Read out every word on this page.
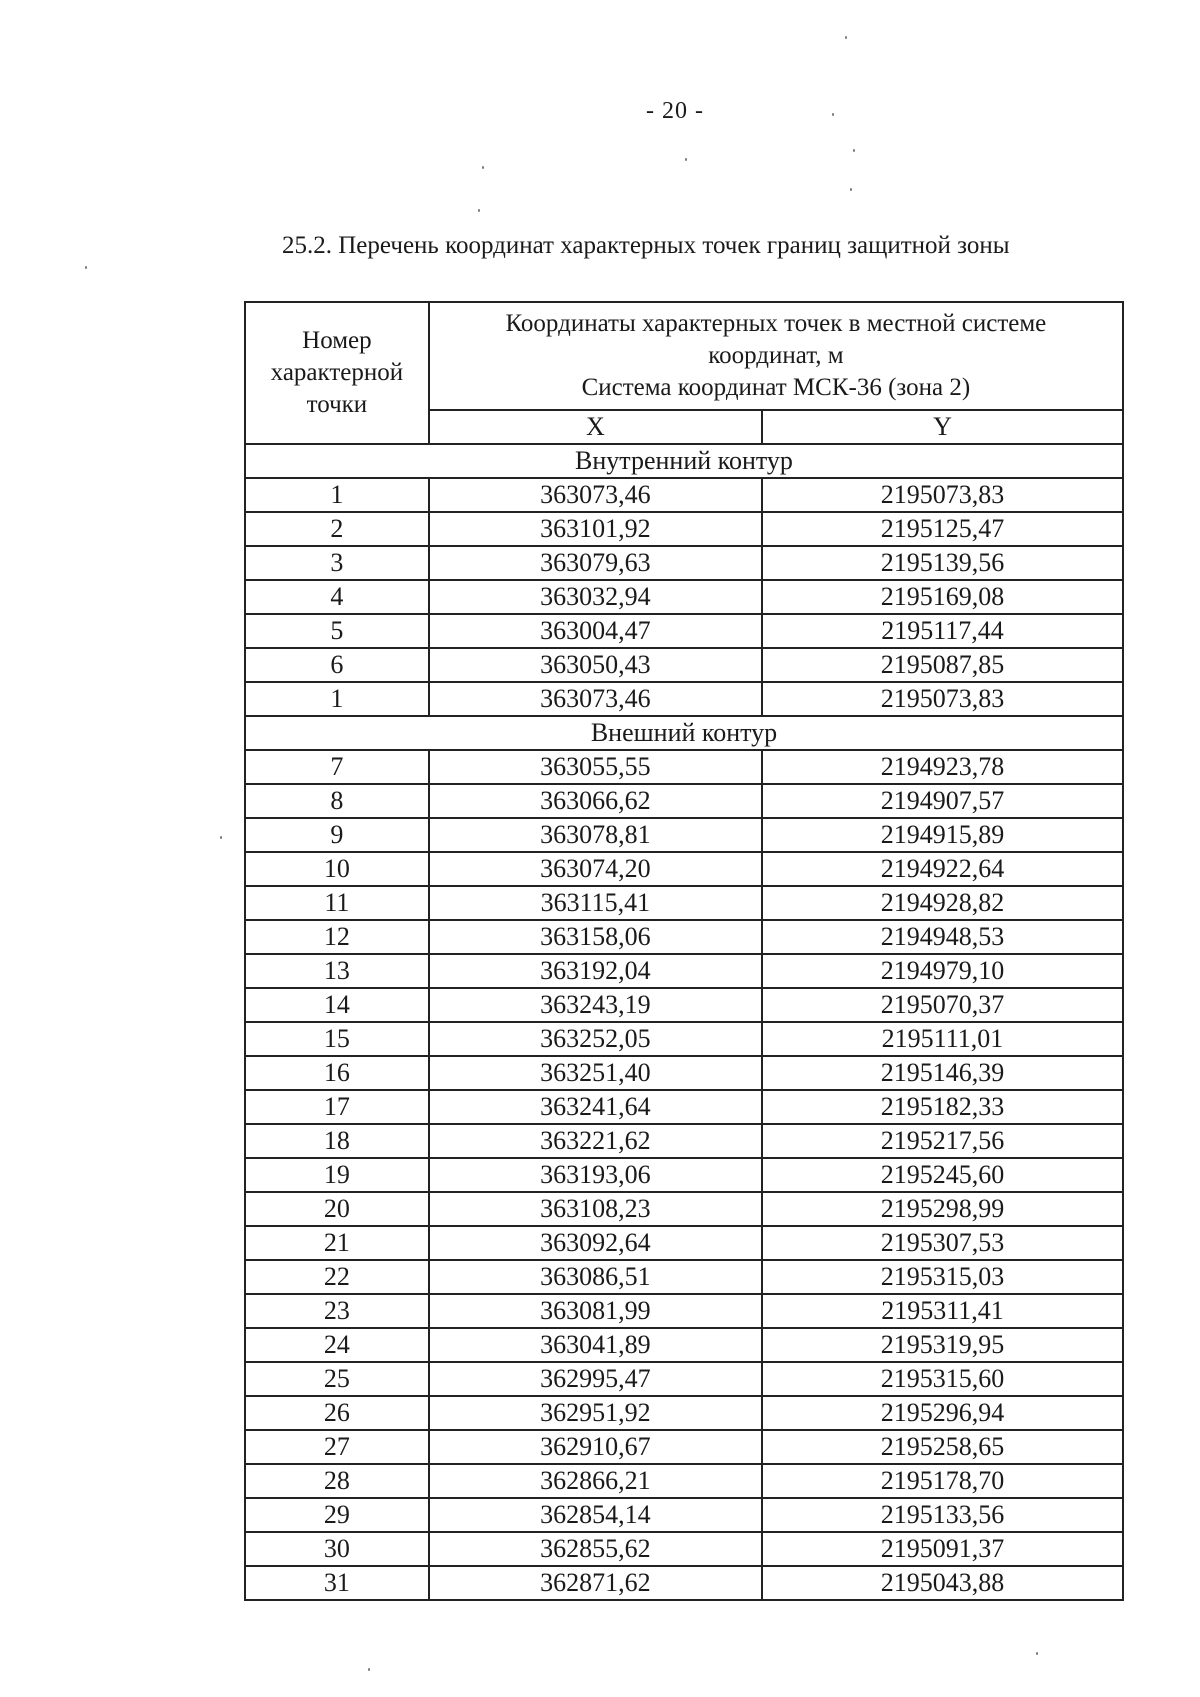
- 20 -
25.2. Перечень координат характерных точек границ защитной зоны
Номер характерной точки	Координаты характерных точек в местной системе
координат, м
Система координат МСК-36 (зона 2)	

	X	Y
Внутренний контур		
1	363073,46	2195073,83
2	363101,92	2195125,47
3	363079,63	2195139,56
4	363032,94	2195169,08
5	363004,47	2195117,44
6	363050,43	2195087,85
1	363073,46	2195073,83
Внешний контур		
7	363055,55	2194923,78
8	363066,62	2194907,57
9	363078,81	2194915,89
10	363074,20	2194922,64
11	363115,41	2194928,82
12	363158,06	2194948,53
13	363192,04	2194979,10
14	363243,19	2195070,37
15	363252,05	2195111,01
16	363251,40	2195146,39
17	363241,64	2195182,33
18	363221,62	2195217,56
19	363193,06	2195245,60
20	363108,23	2195298,99
21	363092,64	2195307,53
22	363086,51	2195315,03
23	363081,99	2195311,41
24	363041,89	2195319,95
25	362995,47	2195315,60
26	362951,92	2195296,94
27	362910,67	2195258,65
28	362866,21	2195178,70
29	362854,14	2195133,56
30	362855,62	2195091,37
31	362871,62	2195043,88
